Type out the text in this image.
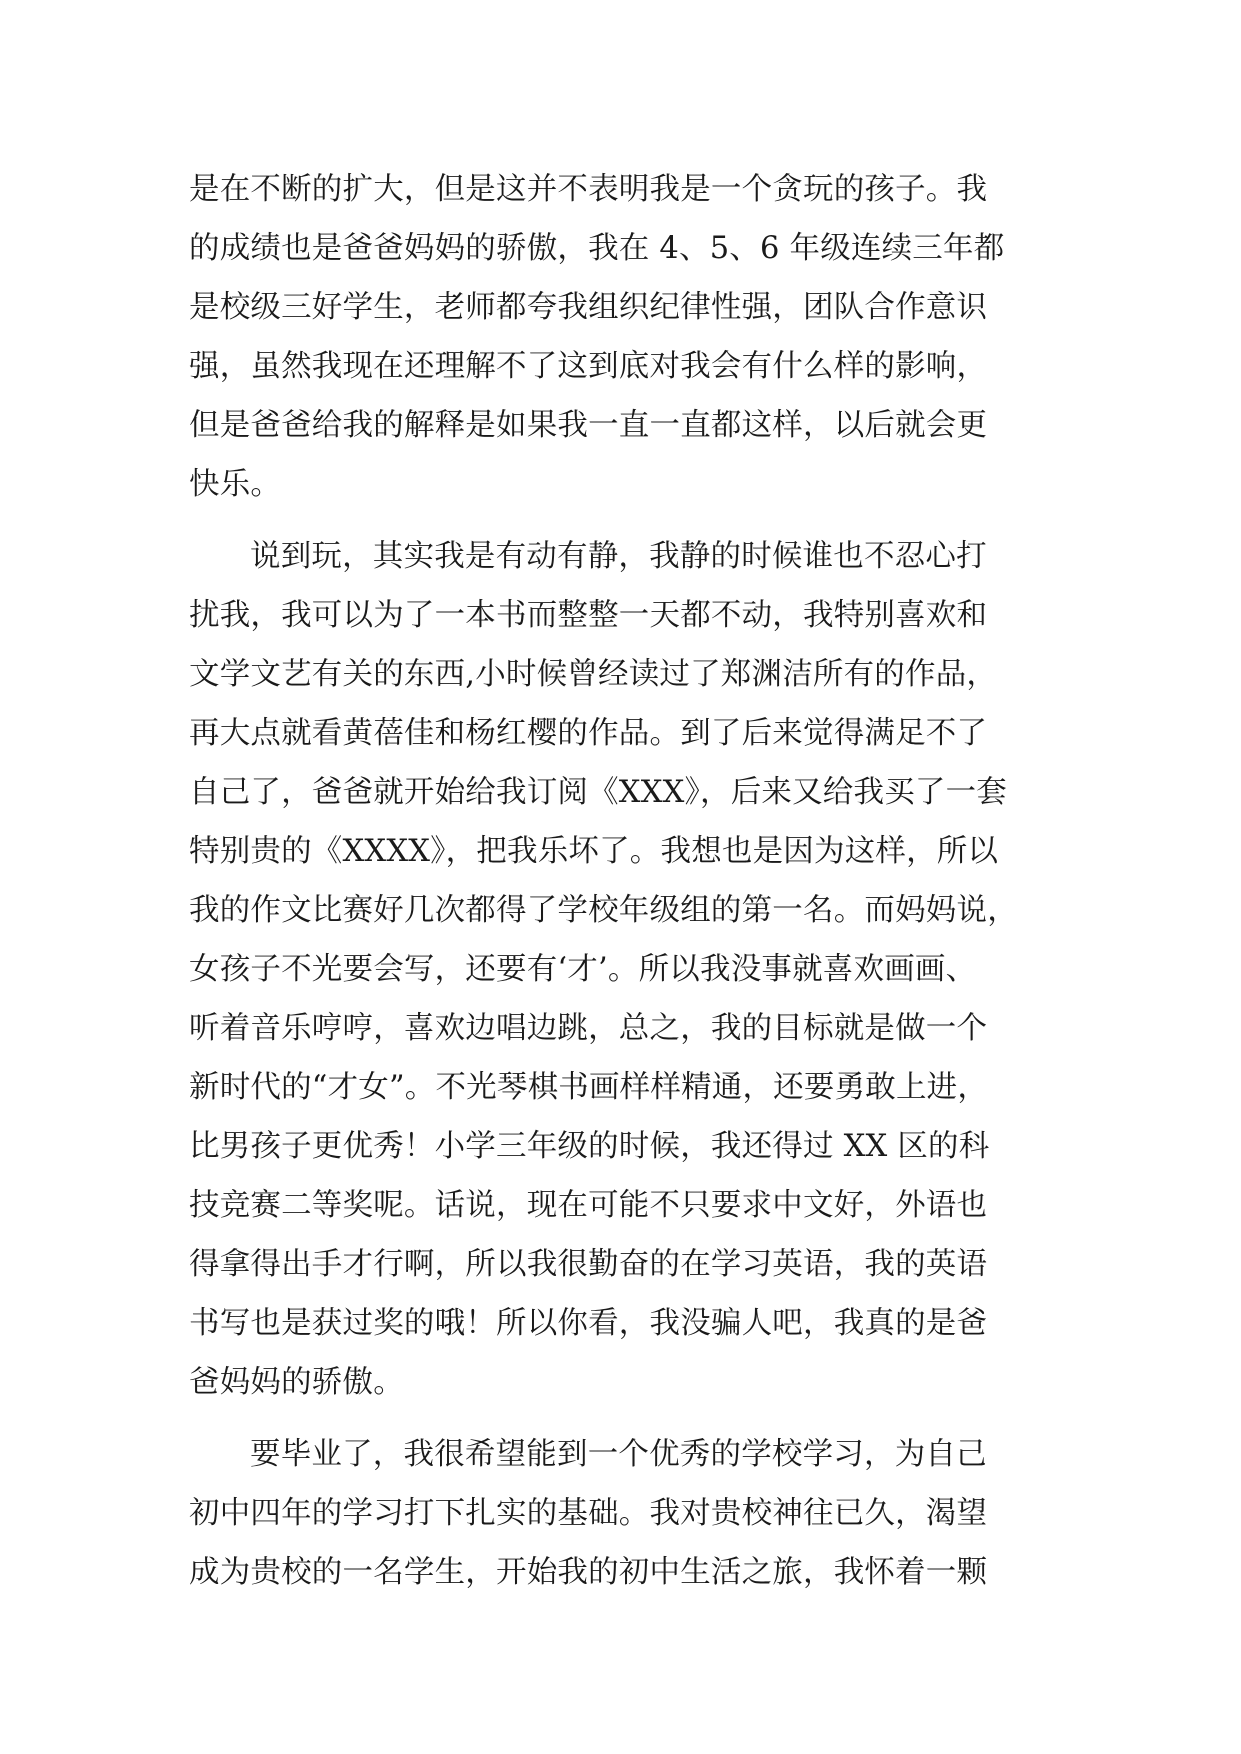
是在不断的扩大，但是这并不表明我是一个贪玩的孩子。我
的成绩也是爸爸妈妈的骄傲，我在 4、5、6 年级连续三年都
是校级三好学生，老师都夸我组织纪律性强，团队合作意识
强，虽然我现在还理解不了这到底对我会有什么样的影响，
但是爸爸给我的解释是如果我一直一直都这样，以后就会更
快乐。
说到玩，其实我是有动有静，我静的时候谁也不忍心打
扰我，我可以为了一本书而整整一天都不动，我特别喜欢和
文学文艺有关的东西,小时候曾经读过了郑渊洁所有的作品，
再大点就看黄蓓佳和杨红樱的作品。到了后来觉得满足不了
自己了，爸爸就开始给我订阅《XXX》，后来又给我买了一套
特别贵的《XXXX》，把我乐坏了。我想也是因为这样，所以
我的作文比赛好几次都得了学校年级组的第一名。而妈妈说，
女孩子不光要会写，还要有‘才’。所以我没事就喜欢画画、
听着音乐哼哼，喜欢边唱边跳，总之，我的目标就是做一个
新时代的“才女”。不光琴棋书画样样精通，还要勇敢上进，
比男孩子更优秀！小学三年级的时候，我还得过 XX 区的科
技竞赛二等奖呢。话说，现在可能不只要求中文好，外语也
得拿得出手才行啊，所以我很勤奋的在学习英语，我的英语
书写也是获过奖的哦！所以你看，我没骗人吧，我真的是爸
爸妈妈的骄傲。
要毕业了，我很希望能到一个优秀的学校学习，为自己
初中四年的学习打下扎实的基础。我对贵校神往已久，渴望
成为贵校的一名学生，开始我的初中生活之旅，我怀着一颗
